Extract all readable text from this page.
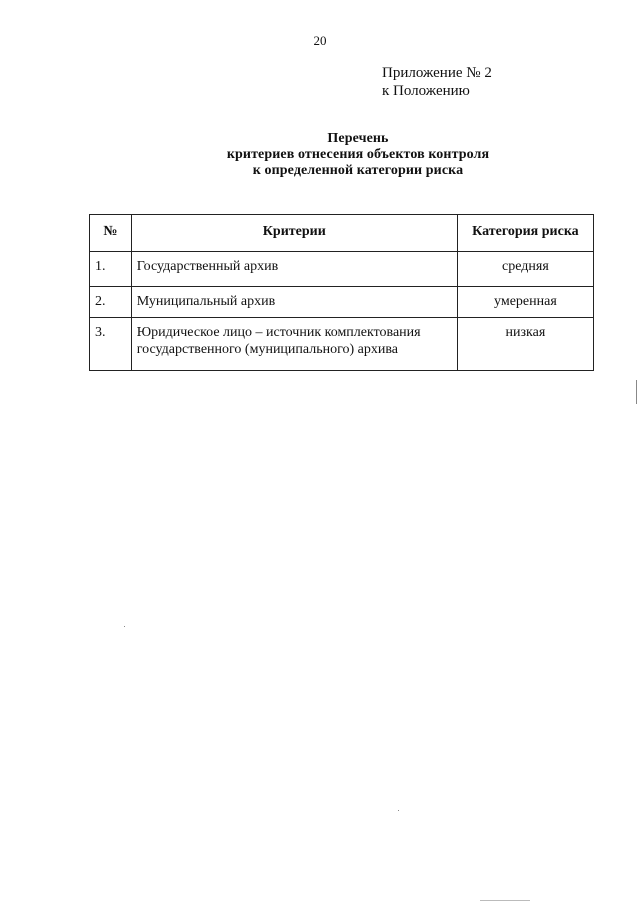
20
Приложение № 2
к Положению
Перечень
критериев отнесения объектов контроля
к определенной категории риска
№	Критерии	Категория риска
1.	Государственный архив	средняя
2.	Муниципальный архив	умеренная
3.	Юридическое лицо – источник комплектования государственного (муниципального) архива	низкая
